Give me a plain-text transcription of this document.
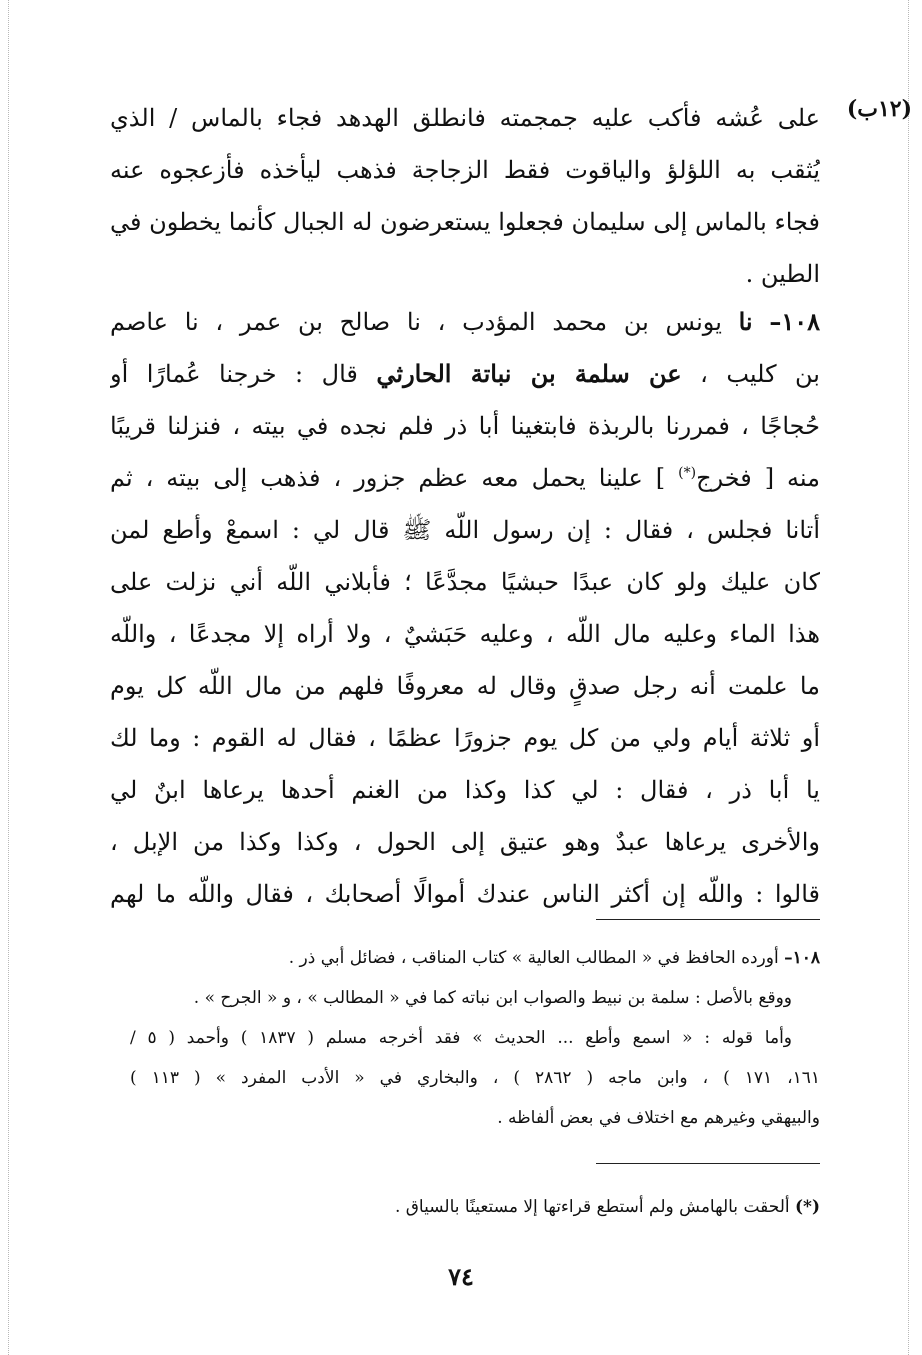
(١٢ب)
على عُشه فأكب عليه جمجمته فانطلق الهدهد فجاء بالماس / الذي
يُثقب به اللؤلؤ والياقوت فقط الزجاجة فذهب ليأخذه فأزعجوه عنه
فجاء بالماس إلى سليمان فجعلوا يستعرضون له الجبال كأنما يخطون في
الطين .
١٠٨– نا يونس بن محمد المؤدب ، نا صالح بن عمر ، نا عاصم
بن كليب ، عن سلمة بن نباتة الحارثي قال : خرجنا عُمارًا أو
حُجاجًا ، فمررنا بالربذة فابتغينا أبا ذر فلم نجده في بيته ، فنزلنا قريبًا
منه [ فخرج(*) ] علينا يحمل معه عظم جزور ، فذهب إلى بيته ، ثم
أتانا فجلس ، فقال : إن رسول اللّه ﷺ قال لي : اسمعْ وأطع لمن
كان عليك ولو كان عبدًا حبشيًا مجدَّعًا ؛ فأبلاني اللّه أني نزلت على
هذا الماء وعليه مال اللّه ، وعليه حَبَشيٌ ، ولا أراه إلا مجدعًا ، واللّه
ما علمت أنه رجل صدقٍ وقال له معروفًا فلهم من مال اللّه كل يوم
أو ثلاثة أيام ولي من كل يوم جزورًا عظمًا ، فقال له القوم : وما لك
يا أبا ذر ، فقال : لي كذا وكذا من الغنم أحدها يرعاها ابنٌ لي
والأخرى يرعاها عبدٌ وهو عتيق إلى الحول ، وكذا وكذا من الإبل ،
قالوا : واللّه إن أكثر الناس عندك أموالًا أصحابك ، فقال واللّه ما لهم
١٠٨– أورده الحافظ في « المطالب العالية » كتاب المناقب ، فضائل أبي ذر .
ووقع بالأصل : سلمة بن نبيط والصواب ابن نباته كما في « المطالب » ، و « الجرح » .
وأما قوله : « اسمع وأطع ... الحديث » فقد أخرجه مسلم ( ١٨٣٧ ) وأحمد ( ٥ /
١٦١، ١٧١ ) ، وابن ماجه ( ٢٨٦٢ ) ، والبخاري في « الأدب المفرد » ( ١١٣ )
والبيهقي وغيرهم مع اختلاف في بعض ألفاظه .
(*) ألحقت بالهامش ولم أستطع قراءتها إلا مستعينًا بالسياق .
٧٤
